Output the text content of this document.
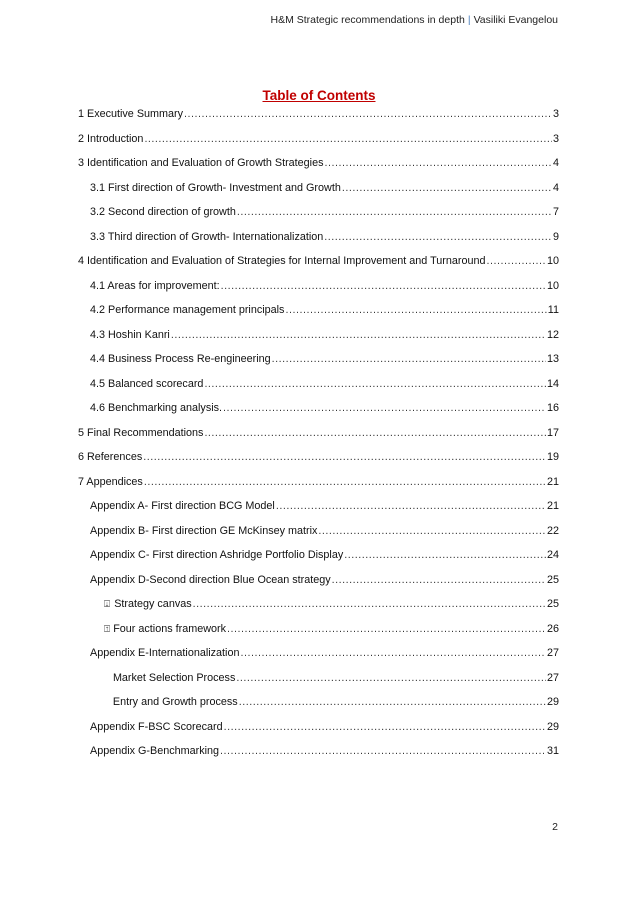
H&M Strategic recommendations in depth | Vasiliki Evangelou
Table of Contents
1 Executive Summary .....	3
2 Introduction .....	3
3 Identification and Evaluation of Growth Strategies .....	4
3.1 First direction of Growth- Investment and Growth .....	4
3.2 Second direction of growth .....	7
3.3 Third direction of Growth- Internationalization .....	9
4 Identification and Evaluation of Strategies for Internal Improvement and Turnaround .....	10
4.1 Areas for improvement: .....	10
4.2 Performance management principals .....	11
4.3 Hoshin Kanri .....	12
4.4 Business Process Re-engineering .....	13
4.5 Balanced scorecard .....	14
4.6 Benchmarking analysis. .....	16
5 Final Recommendations .....	17
6 References .....	19
7 Appendices .....	21
Appendix A- First direction BCG Model .....	21
Appendix B- First direction GE McKinsey matrix .....	22
Appendix C- First direction Ashridge Portfolio Display .....	24
Appendix D-Second direction Blue Ocean strategy .....	25
⍗ Strategy canvas .....	25
⍐ Four actions framework .....	26
Appendix E-Internationalization .....	27
Market Selection Process .....	27
Entry and Growth process .....	29
Appendix F-BSC Scorecard .....	29
Appendix G-Benchmarking .....	31
2
